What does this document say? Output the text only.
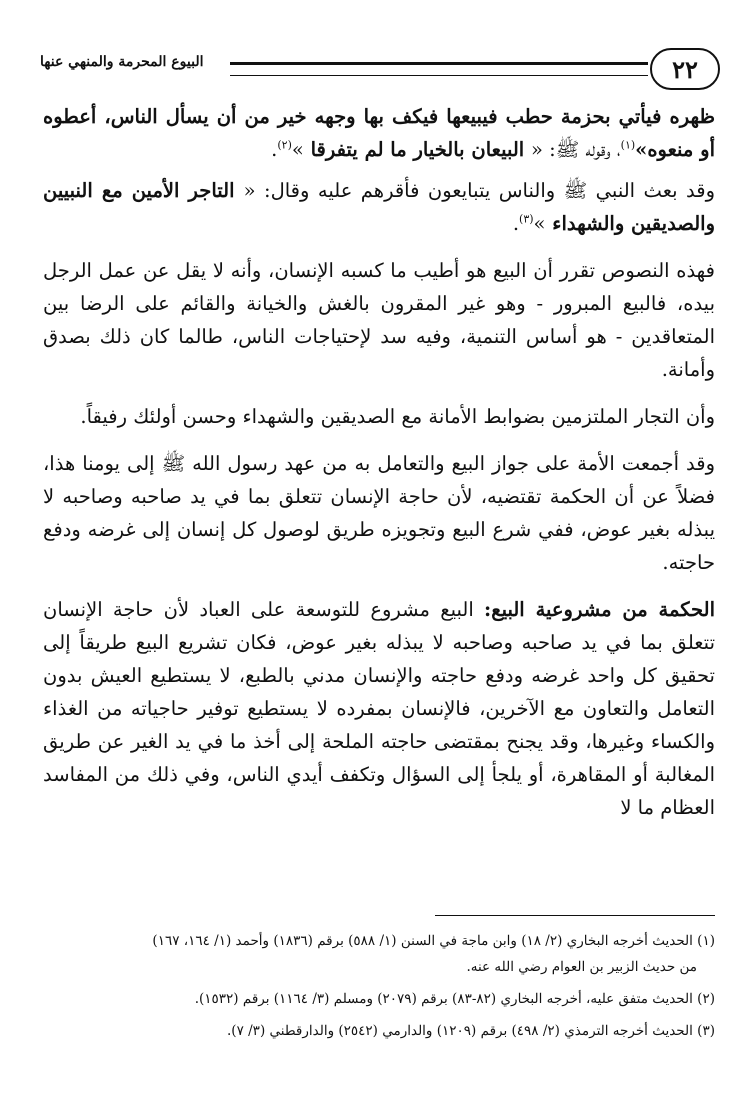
٢٢
البيوع المحرمة والمنهي عنها

ظهره فيأتي بحزمة حطب فيبيعها فيكف بها وجهه خير من أن يسأل الناس، أعطوه أو منعوه»$^{(١)}$، وقوله ﷺ: « البيعان بالخيار ما لم يتفرقا »$^{(٢)}$.

وقد بعث النبي ﷺ والناس يتبايعون فأقرهم عليه وقال: « التاجر الأمين مع النبيين والصديقين والشهداء »$^{(٣)}$.

فهذه النصوص تقرر أن البيع هو أطيب ما كسبه الإنسان، وأنه لا يقل عن عمل الرجل بيده، فالبيع المبرور - وهو غير المقرون بالغش والخيانة والقائم على الرضا بين المتعاقدين - هو أساس التنمية، وفيه سد لإحتياجات الناس، طالما كان ذلك بصدق وأمانة.

وأن التجار الملتزمين بضوابط الأمانة مع الصديقين والشهداء وحسن أولئك رفيقاً.

وقد أجمعت الأمة على جواز البيع والتعامل به من عهد رسول الله ﷺ إلى يومنا هذا، فضلاً عن أن الحكمة تقتضيه، لأن حاجة الإنسان تتعلق بما في يد صاحبه وصاحبه لا يبذله بغير عوض، ففي شرع البيع وتجويزه طريق لوصول كل إنسان إلى غرضه ودفع حاجته.

الحكمة من مشروعية البيع: البيع مشروع للتوسعة على العباد لأن حاجة الإنسان تتعلق بما في يد صاحبه وصاحبه لا يبذله بغير عوض، فكان تشريع البيع طريقاً إلى تحقيق كل واحد غرضه ودفع حاجته والإنسان مدني بالطبع، لا يستطيع العيش بدون التعامل والتعاون مع الآخرين، فالإنسان بمفرده لا يستطيع توفير حاجياته من الغذاء والكساء وغيرها، وقد يجنح بمقتضى حاجته الملحة إلى أخذ ما في يد الغير عن طريق المغالبة أو المقاهرة، أو يلجأ إلى السؤال وتكفف أيدي الناس، وفي ذلك من المفاسد العظام ما لا

(١) الحديث أخرجه البخاري (٢/ ١٨) وابن ماجة في السنن (١/ ٥٨٨) برقم (١٨٣٦) وأحمد (١/ ١٦٤، ١٦٧)
من حديث الزبير بن العوام رضي الله عنه.

(٢) الحديث متفق عليه، أخرجه البخاري (٨٢-٨٣) برقم (٢٠٧٩) ومسلم (٣/ ١١٦٤) برقم (١٥٣٢).

(٣) الحديث أخرجه الترمذي (٢/ ٤٩٨) برقم (١٢٠٩) والدارمي (٢٥٤٢) والدارقطني (٣/ ٧).
